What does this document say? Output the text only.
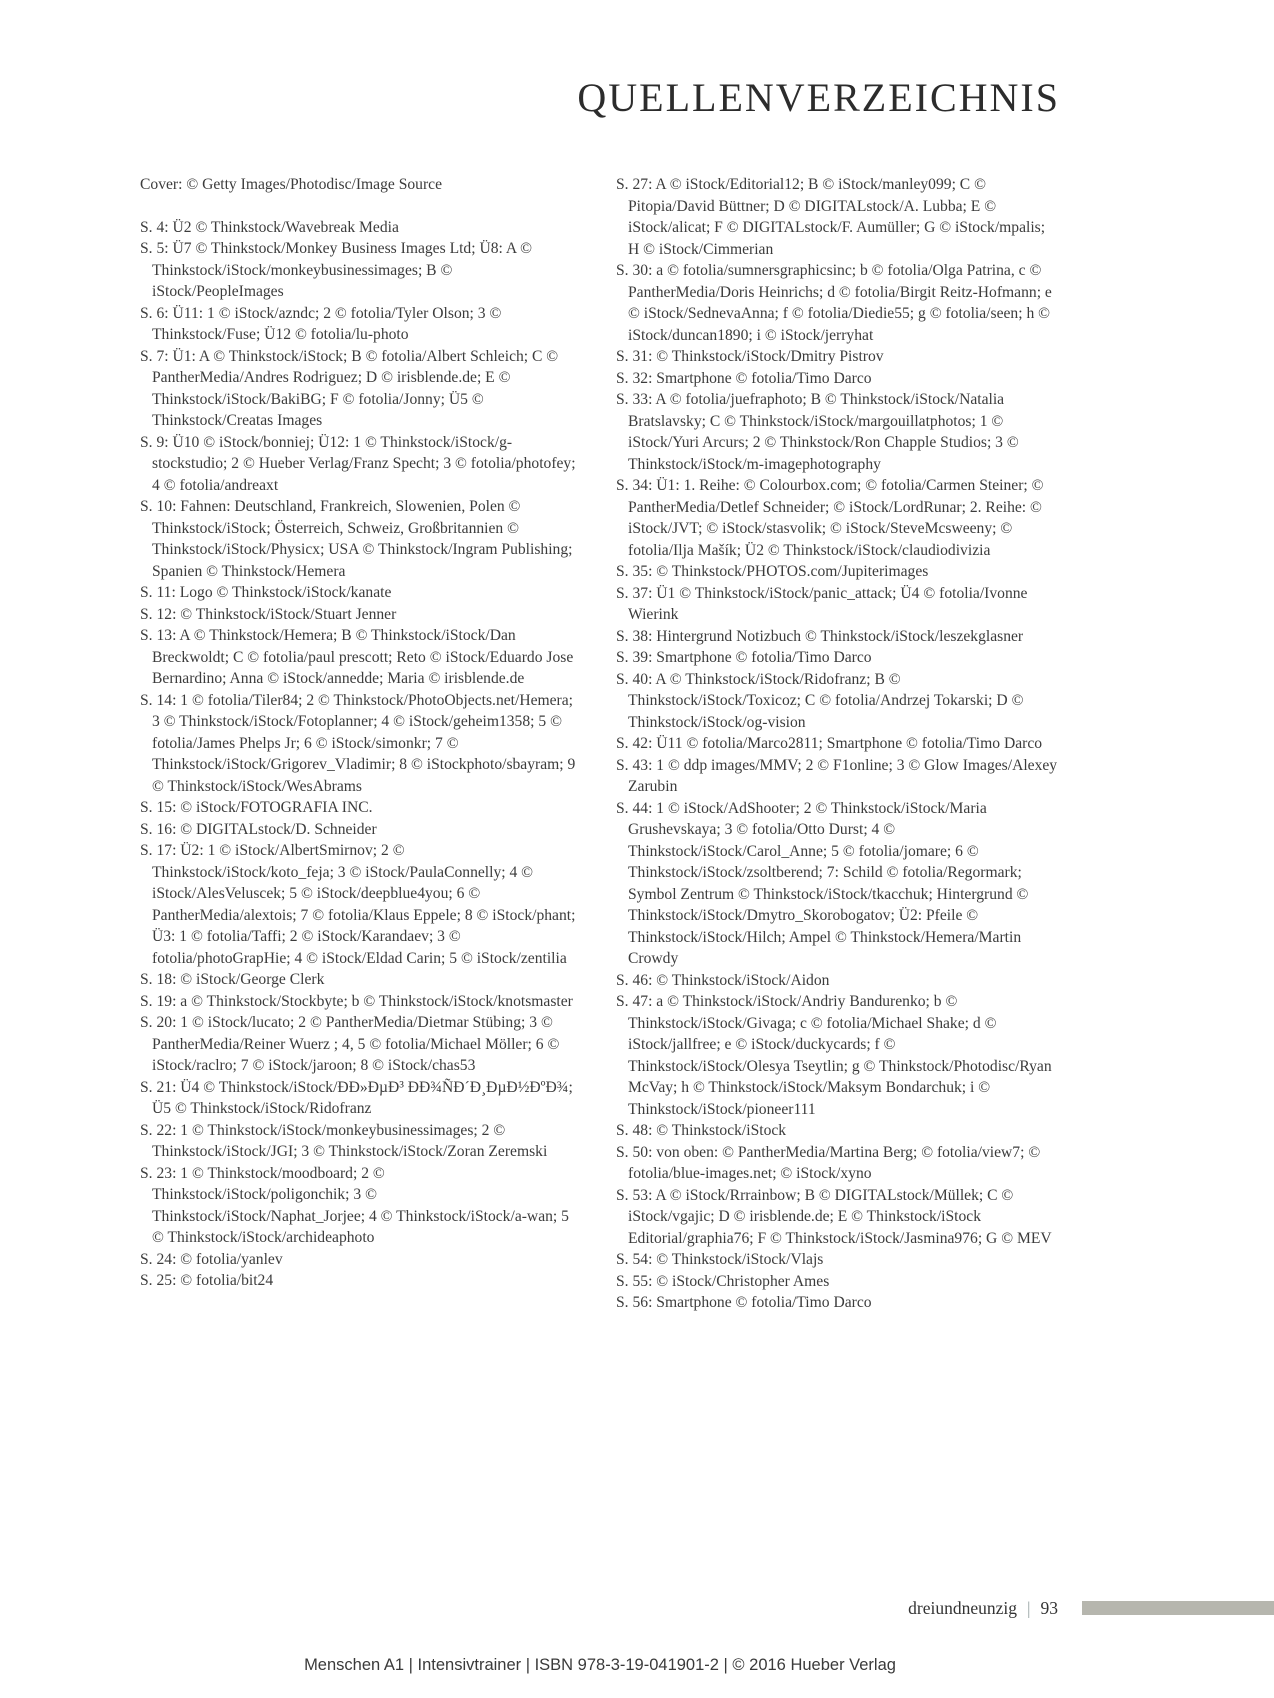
QUELLENVERZEICHNIS
Cover: © Getty Images/Photodisc/Image Source
S. 4: Ü2 © Thinkstock/Wavebreak Media
S. 5: Ü7 © Thinkstock/Monkey Business Images Ltd; Ü8: A © Thinkstock/iStock/monkeybusinessimages; B © iStock/PeopleImages
S. 6: Ü11: 1 © iStock/azndc; 2 © fotolia/Tyler Olson; 3 © Thinkstock/Fuse; Ü12 © fotolia/lu-photo
S. 7: Ü1: A © Thinkstock/iStock; B © fotolia/Albert Schleich; C © PantherMedia/Andres Rodriguez; D © irisblende.de; E © Thinkstock/iStock/BakiBG; F © fotolia/Jonny; Ü5 © Thinkstock/Creatas Images
S. 9: Ü10 © iStock/bonniej; Ü12: 1 © Thinkstock/iStock/g-stockstudio; 2 © Hueber Verlag/Franz Specht; 3 © fotolia/photofey; 4 © fotolia/andreaxt
S. 10: Fahnen: Deutschland, Frankreich, Slowenien, Polen © Thinkstock/iStock; Österreich, Schweiz, Großbritannien © Thinkstock/iStock/Physicx; USA © Thinkstock/Ingram Publishing; Spanien © Thinkstock/Hemera
S. 11: Logo © Thinkstock/iStock/kanate
S. 12: © Thinkstock/iStock/Stuart Jenner
S. 13: A © Thinkstock/Hemera; B © Thinkstock/iStock/Dan Breckwoldt; C © fotolia/paul prescott; Reto © iStock/Eduardo Jose Bernardino; Anna © iStock/annedde; Maria © irisblende.de
S. 14: 1 © fotolia/Tiler84; 2 © Thinkstock/PhotoObjects.net/Hemera; 3 © Thinkstock/iStock/Fotoplanner; 4 © iStock/geheim1358; 5 © fotolia/James Phelps Jr; 6 © iStock/simonkr; 7 © Thinkstock/iStock/Grigorev_Vladimir; 8 © iStockphoto/sbayram; 9 © Thinkstock/iStock/WesAbrams
S. 15: © iStock/FOTOGRAFIA INC.
S. 16: © DIGITALstock/D. Schneider
S. 17: Ü2: 1 © iStock/AlbertSmirnov; 2 © Thinkstock/iStock/koto_feja; 3 © iStock/PaulaConnelly; 4 © iStock/AlesVeluscek; 5 © iStock/deepblue4you; 6 © PantherMedia/alextois; 7 © fotolia/Klaus Eppele; 8 © iStock/phant; Ü3: 1 © fotolia/Taffi; 2 © iStock/Karandaev; 3 © fotolia/photoGrapHie; 4 © iStock/Eldad Carin; 5 © iStock/zentilia
S. 18: © iStock/George Clerk
S. 19: a © Thinkstock/Stockbyte; b © Thinkstock/iStock/knotsmaster
S. 20: 1 © iStock/lucato; 2 © PantherMedia/Dietmar Stübing; 3 © PantherMedia/Reiner Wuerz ; 4, 5 © fotolia/Michael Möller; 6 © iStock/raclro; 7 © iStock/jaroon; 8 © iStock/chas53
S. 21: Ü4 © Thinkstock/iStock/ÐÐ»ÐµÐ³ ÐÐ¾ÑÐ´Ð¸ÐµÐ½ÐºÐ¾; Ü5 © Thinkstock/iStock/Ridofranz
S. 22: 1 © Thinkstock/iStock/monkeybusinessimages; 2 © Thinkstock/iStock/JGI; 3 © Thinkstock/iStock/Zoran Zeremski
S. 23: 1 © Thinkstock/moodboard; 2 © Thinkstock/iStock/poligonchik; 3 © Thinkstock/iStock/Naphat_Jorjee; 4 © Thinkstock/iStock/a-wan; 5 © Thinkstock/iStock/archideaphoto
S. 24: © fotolia/yanlev
S. 25: © fotolia/bit24
S. 27: A © iStock/Editorial12; B © iStock/manley099; C © Pitopia/David Büttner; D © DIGITALstock/A. Lubba; E © iStock/alicat; F © DIGITALstock/F. Aumüller; G © iStock/mpalis; H © iStock/Cimmerian
S. 30: a © fotolia/sumnersgraphicsinc; b © fotolia/Olga Patrina, c © PantherMedia/Doris Heinrichs; d © fotolia/Birgit Reitz-Hofmann; e © iStock/SednevaAnna; f © fotolia/Diedie55; g © fotolia/seen; h © iStock/duncan1890; i © iStock/jerryhat
S. 31: © Thinkstock/iStock/Dmitry Pistrov
S. 32: Smartphone © fotolia/Timo Darco
S. 33: A © fotolia/juefraphoto; B © Thinkstock/iStock/Natalia Bratslavsky; C © Thinkstock/iStock/margouillatphotos; 1 © iStock/Yuri Arcurs; 2 © Thinkstock/Ron Chapple Studios; 3 © Thinkstock/iStock/m-imagephotography
S. 34: Ü1: 1. Reihe: © Colourbox.com; © fotolia/Carmen Steiner; © PantherMedia/Detlef Schneider; © iStock/LordRunar; 2. Reihe: © iStock/JVT; © iStock/stasvolik; © iStock/SteveMcsweeny; © fotolia/Ilja Mašík; Ü2 © Thinkstock/iStock/claudiodivizia
S. 35: © Thinkstock/PHOTOS.com/Jupiterimages
S. 37: Ü1 © Thinkstock/iStock/panic_attack; Ü4 © fotolia/Ivonne Wierink
S. 38: Hintergrund Notizbuch © Thinkstock/iStock/leszekglasner
S. 39: Smartphone © fotolia/Timo Darco
S. 40: A © Thinkstock/iStock/Ridofranz; B © Thinkstock/iStock/Toxicoz; C © fotolia/Andrzej Tokarski; D © Thinkstock/iStock/og-vision
S. 42: Ü11 © fotolia/Marco2811; Smartphone © fotolia/Timo Darco
S. 43: 1 © ddp images/MMV; 2 © F1online; 3 © Glow Images/Alexey Zarubin
S. 44: 1 © iStock/AdShooter; 2 © Thinkstock/iStock/Maria Grushevskaya; 3 © fotolia/Otto Durst; 4 © Thinkstock/iStock/Carol_Anne; 5 © fotolia/jomare; 6 © Thinkstock/iStock/zsoltberend; 7: Schild © fotolia/Regormark; Symbol Zentrum © Thinkstock/iStock/tkacchuk; Hintergrund © Thinkstock/iStock/Dmytro_Skorobogatov; Ü2: Pfeile © Thinkstock/iStock/Hilch; Ampel © Thinkstock/Hemera/Martin Crowdy
S. 46: © Thinkstock/iStock/Aidon
S. 47: a © Thinkstock/iStock/Andriy Bandurenko; b © Thinkstock/iStock/Givaga; c © fotolia/Michael Shake; d © iStock/jallfree; e © iStock/duckycards; f © Thinkstock/iStock/Olesya Tseytlin; g © Thinkstock/Photodisc/Ryan McVay; h © Thinkstock/iStock/Maksym Bondarchuk; i © Thinkstock/iStock/pioneer111
S. 48: © Thinkstock/iStock
S. 50: von oben: © PantherMedia/Martina Berg; © fotolia/view7; © fotolia/blue-images.net; © iStock/xyno
S. 53: A © iStock/Rrrainbow; B © DIGITALstock/Müllek; C © iStock/vgajic; D © irisblende.de; E © Thinkstock/iStock Editorial/graphia76; F © Thinkstock/iStock/Jasmina976; G © MEV
S. 54: © Thinkstock/iStock/Vlajs
S. 55: © iStock/Christopher Ames
S. 56: Smartphone © fotolia/Timo Darco
dreiundneunzig | 93
Menschen A1 | Intensivtrainer | ISBN 978-3-19-041901-2 | © 2016 Hueber Verlag
